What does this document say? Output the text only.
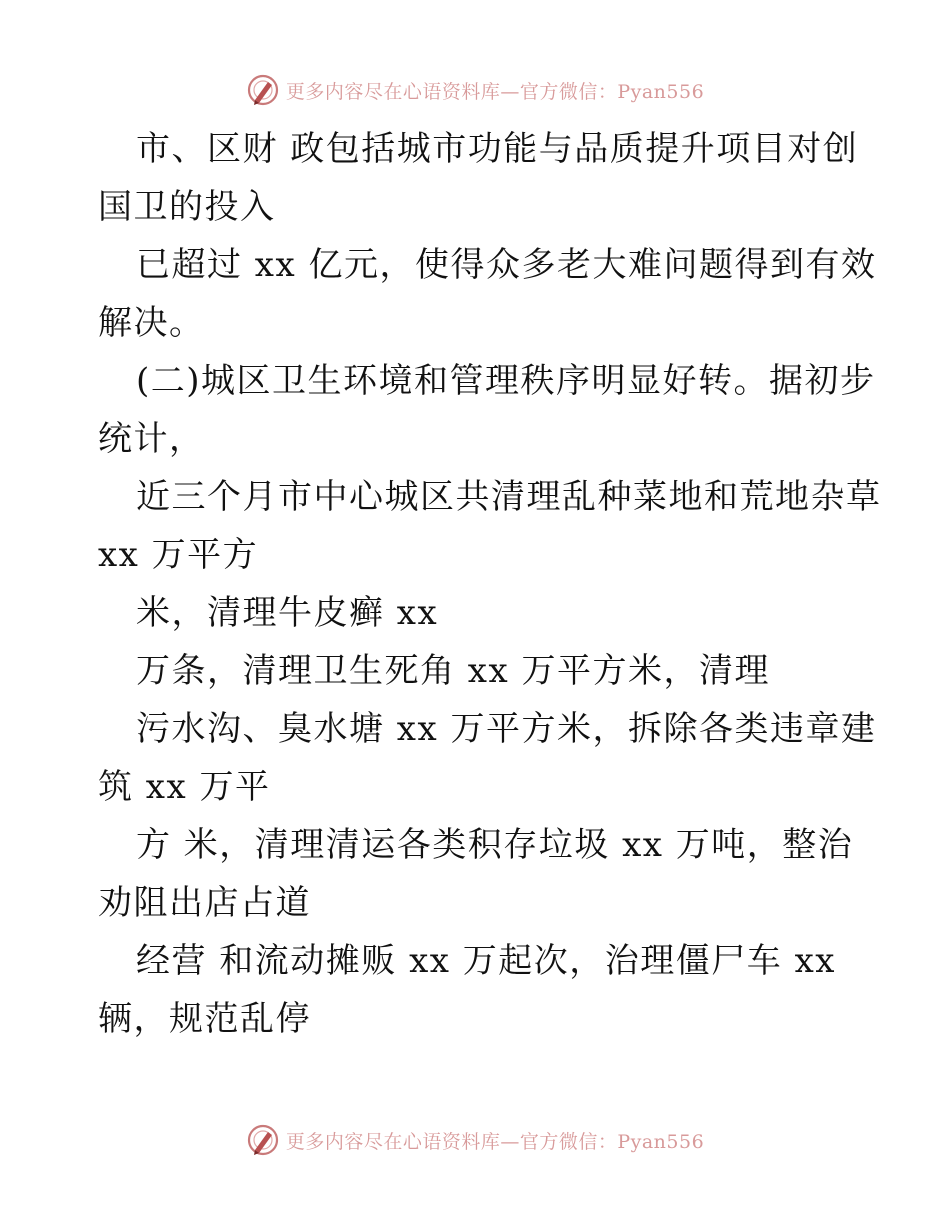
更多内容尽在心语资料库—官方微信：Pyan556
市、区财 政包括城市功能与品质提升项目对创
国卫的投入
已超过 xx 亿元，使得众多老大难问题得到有效
解决。
(二)城区卫生环境和管理秩序明显好转。据初步
统计，
近三个月市中心城区共清理乱种菜地和荒地杂草
xx 万平方
米，清理牛皮癣 xx
万条，清理卫生死角 xx 万平方米，清理
污水沟、臭水塘 xx 万平方米，拆除各类违章建
筑 xx 万平
方 米，清理清运各类积存垃圾 xx 万吨，整治
劝阻出店占道
经营 和流动摊贩 xx 万起次，治理僵尸车 xx
辆，规范乱停
更多内容尽在心语资料库—官方微信：Pyan556
